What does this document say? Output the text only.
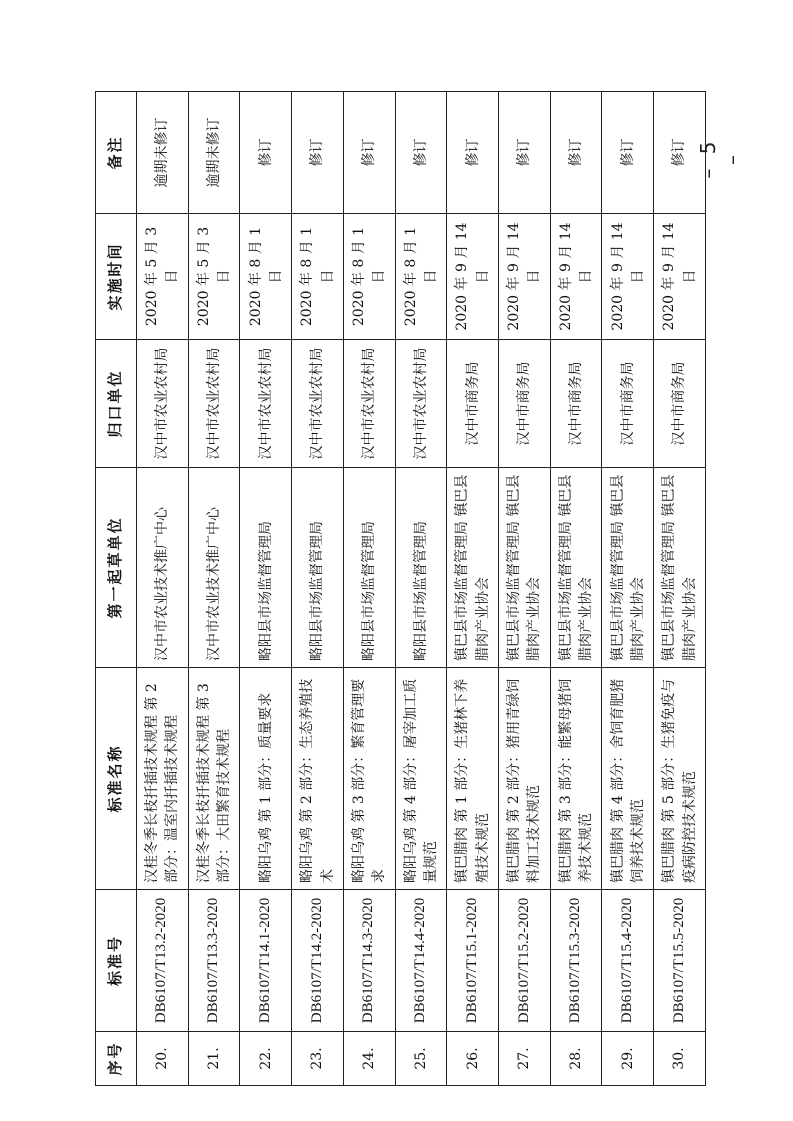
序号	标准号	标准名称	第一起草单位	归口单位	实施时间	备注
20.	DB6107/T13.2-2020	汉桂冬季长枝扦插技术规程 第 2 部分：温室内扦插技术规程	汉中市农业技术推广中心	汉中市农业农村局	2020 年 5 月 3 日	逾期未修订
21.	DB6107/T13.3-2020	汉桂冬季长枝扦插技术规程 第 3 部分：大田繁育技术规程	汉中市农业技术推广中心	汉中市农业农村局	2020 年 5 月 3 日	逾期未修订
22.	DB6107/T14.1-2020	略阳乌鸡 第 1 部分：质量要求	略阳县市场监督管理局	汉中市农业农村局	2020 年 8 月 1 日	修订
23.	DB6107/T14.2-2020	略阳乌鸡 第 2 部分：生态养殖技术	略阳县市场监督管理局	汉中市农业农村局	2020 年 8 月 1 日	修订
24.	DB6107/T14.3-2020	略阳乌鸡 第 3 部分：繁育管理要求	略阳县市场监督管理局	汉中市农业农村局	2020 年 8 月 1 日	修订
25.	DB6107/T14.4-2020	略阳乌鸡 第 4 部分：屠宰加工质量规范	略阳县市场监督管理局	汉中市农业农村局	2020 年 8 月 1 日	修订
26.	DB6107/T15.1-2020	镇巴腊肉 第 1 部分：生猪林下养殖技术规范	镇巴县市场监督管理局 镇巴县腊肉产业协会	汉中市商务局	2020 年 9 月 14 日	修订
27.	DB6107/T15.2-2020	镇巴腊肉 第 2 部分：猪用青绿饲料加工技术规范	镇巴县市场监督管理局 镇巴县腊肉产业协会	汉中市商务局	2020 年 9 月 14 日	修订
28.	DB6107/T15.3-2020	镇巴腊肉 第 3 部分：能繁母猪饲养技术规范	镇巴县市场监督管理局 镇巴县腊肉产业协会	汉中市商务局	2020 年 9 月 14 日	修订
29.	DB6107/T15.4-2020	镇巴腊肉 第 4 部分：舍饲育肥猪饲养技术规范	镇巴县市场监督管理局 镇巴县腊肉产业协会	汉中市商务局	2020 年 9 月 14 日	修订
30.	DB6107/T15.5-2020	镇巴腊肉 第 5 部分：生猪免疫与疫病防控技术规范	镇巴县市场监督管理局 镇巴县腊肉产业协会	汉中市商务局	2020 年 9 月 14 日	修订 – 5 –
